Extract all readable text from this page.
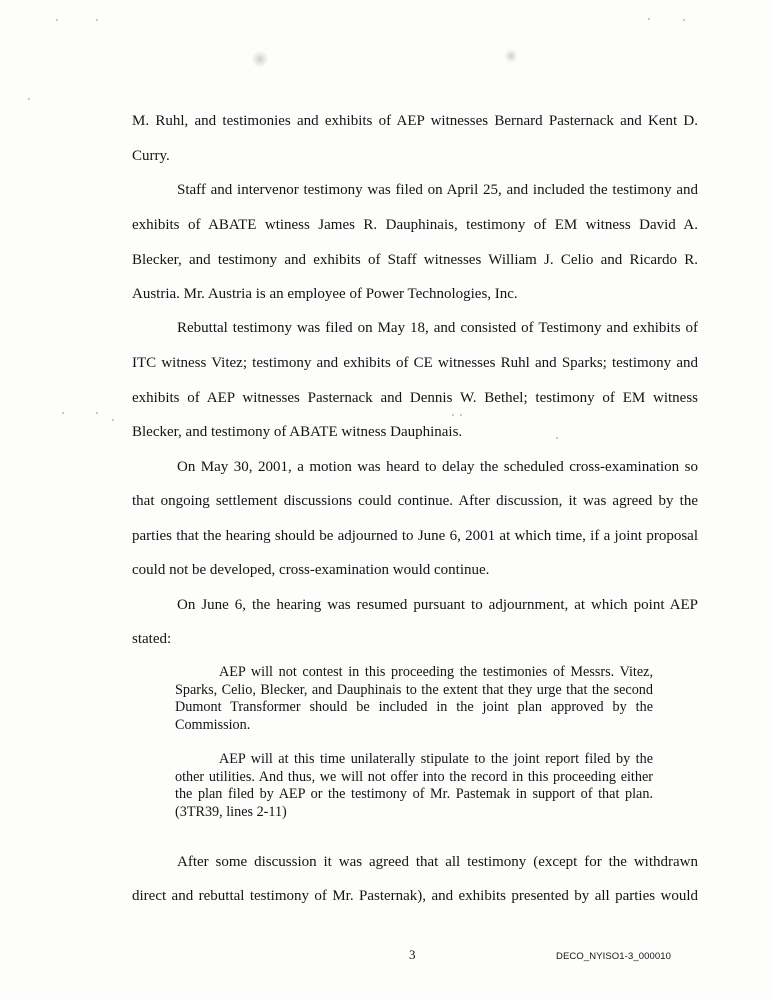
M. Ruhl, and testimonies and exhibits of AEP witnesses Bernard Pasternack and Kent D.
Curry.
Staff and intervenor testimony was filed on April 25, and included the testimony and
exhibits of ABATE wtiness James R. Dauphinais, testimony of EM witness David A.
Blecker, and testimony and exhibits of Staff witnesses William J. Celio and Ricardo R.
Austria. Mr. Austria is an employee of Power Technologies, Inc.
Rebuttal testimony was filed on May 18, and consisted of Testimony and exhibits of
ITC witness Vitez; testimony and exhibits of CE witnesses Ruhl and Sparks; testimony and
exhibits of AEP witnesses Pasternack and Dennis W. Bethel; testimony of EM witness
Blecker, and testimony of ABATE witness Dauphinais.
On May 30, 2001, a motion was heard to delay the scheduled cross-examination so
that ongoing settlement discussions could continue. After discussion, it was agreed by the
parties that the hearing should be adjourned to June 6, 2001 at which time, if a joint proposal
could not be developed, cross-examination would continue.
On June 6, the hearing was resumed pursuant to adjournment, at which point AEP
stated:
AEP will not contest in this proceeding the testimonies of Messrs. Vitez, Sparks, Celio, Blecker, and Dauphinais to the extent that they urge that the second Dumont Transformer should be included in the joint plan approved by the Commission.
AEP will at this time unilaterally stipulate to the joint report filed by the other utilities. And thus, we will not offer into the record in this proceeding either the plan filed by AEP or the testimony of Mr. Pastemak in support of that plan. (3TR39, lines 2-11)
After some discussion it was agreed that all testimony (except for the withdrawn
direct and rebuttal testimony of Mr. Pasternak), and exhibits presented by all parties would
3	DECO_NYISO1-3_000010
